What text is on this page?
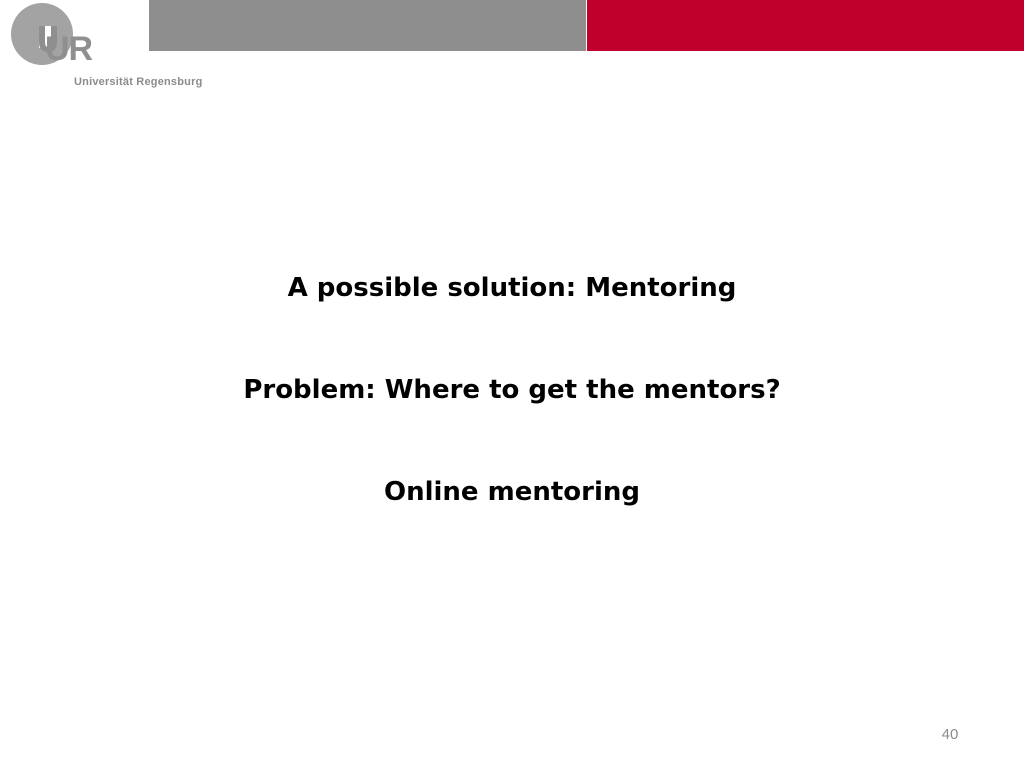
UR
Universität Regensburg
A possible solution: Mentoring
Problem: Where to get the mentors?
Online mentoring
40
